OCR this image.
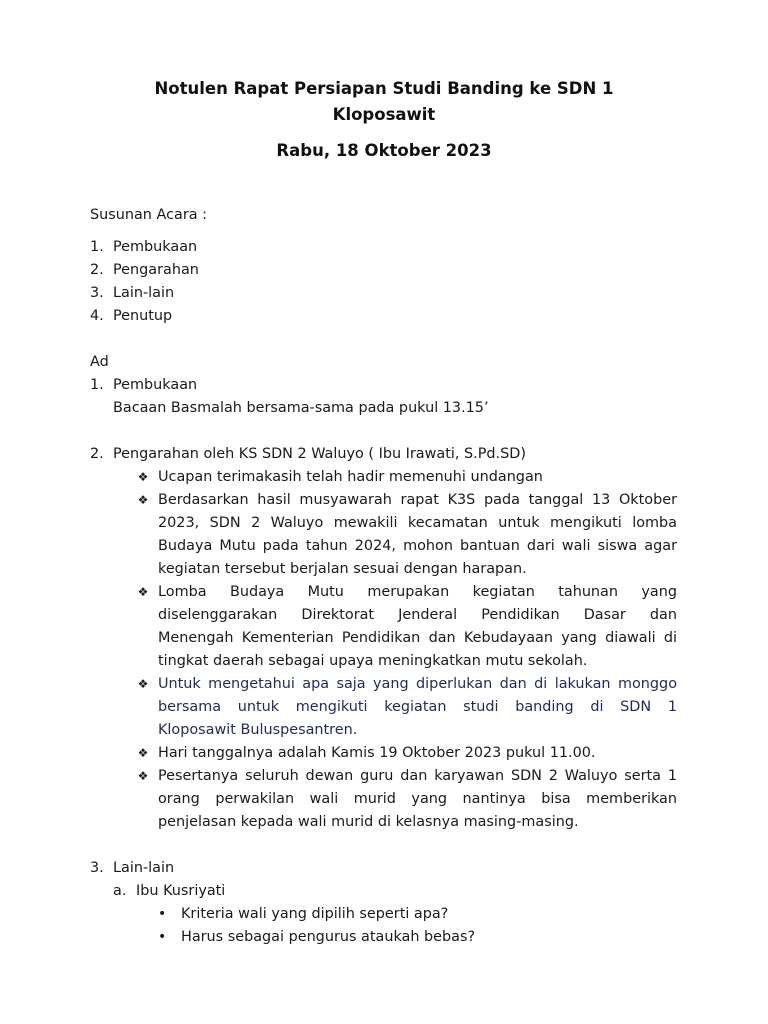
Notulen Rapat Persiapan Studi Banding ke SDN 1
Kloposawit
Rabu, 18 Oktober 2023
Susunan Acara :
1. Pembukaan
2. Pengarahan
3. Lain-lain
4. Penutup
Ad
1. Pembukaan
Bacaan Basmalah bersama-sama pada pukul 13.15’
2. Pengarahan oleh KS SDN 2 Waluyo ( Ibu Irawati, S.Pd.SD)
❖ Ucapan terimakasih telah hadir memenuhi undangan
❖ Berdasarkan hasil musyawarah rapat K3S pada tanggal 13 Oktober
2023, SDN 2 Waluyo mewakili kecamatan untuk mengikuti lomba
Budaya Mutu pada tahun 2024, mohon bantuan dari wali siswa agar
kegiatan tersebut berjalan sesuai dengan harapan.
❖ Lomba Budaya Mutu merupakan kegiatan tahunan yang
diselenggarakan Direktorat Jenderal Pendidikan Dasar dan
Menengah Kementerian Pendidikan dan Kebudayaan yang diawali di
tingkat daerah sebagai upaya meningkatkan mutu sekolah.
❖ Untuk mengetahui apa saja yang diperlukan dan di lakukan monggo
bersama untuk mengikuti kegiatan studi banding di SDN 1
Kloposawit Buluspesantren.
❖ Hari tanggalnya adalah Kamis 19 Oktober 2023 pukul 11.00.
❖ Pesertanya seluruh dewan guru dan karyawan SDN 2 Waluyo serta 1
orang perwakilan wali murid yang nantinya bisa memberikan
penjelasan kepada wali murid di kelasnya masing-masing.
3. Lain-lain
a. Ibu Kusriyati
• Kriteria wali yang dipilih seperti apa?
• Harus sebagai pengurus ataukah bebas?
